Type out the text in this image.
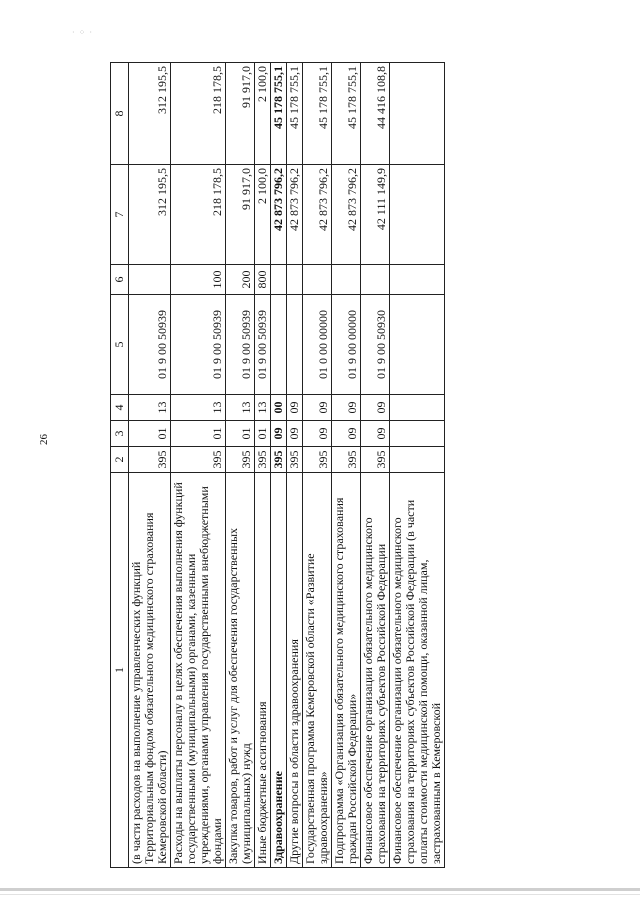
· ⁘ ·
26
1	2	3	4	5	6	7	8
(в части расходов на выполнение управленческих функций Территориальным фондом обязательного медицинского страхования Кемеровской области)	395	01	13	01 9 00 50939		312 195,5	312 195,5
Расходы на выплаты персоналу в целях обеспечения выполнения функций государственными (муниципальными) органами, казенными учреждениями, органами управления государственными внебюджетными фондами	395	01	13	01 9 00 50939	100	218 178,5	218 178,5
Закупка товаров, работ и услуг для обеспечения государственных (муниципальных) нужд	395	01	13	01 9 00 50939	200	91 917,0	91 917,0
Иные бюджетные ассигнования	395	01	13	01 9 00 50939	800	2 100,0	2 100,0
Здравоохранение	395	09	00			42 873 796,2	45 178 755,1
Другие вопросы в области здравоохранения	395	09	09			42 873 796,2	45 178 755,1
Государственная программа Кемеровской области «Развитие здравоохранения»	395	09	09	01 0 00 00000		42 873 796,2	45 178 755,1
Подпрограмма «Организация обязательного медицинского страхования граждан Российской Федерации»	395	09	09	01 9 00 00000		42 873 796,2	45 178 755,1
Финансовое обеспечение организации обязательного медицинского страхования на территориях субъектов Российской Федерации	395	09	09	01 9 00 50930		42 111 149,9	44 416 108,8
Финансовое обеспечение организации обязательного медицинского страхования на территориях субъектов Российской Федерации (в части оплаты стоимости медицинской помощи, оказанной лицам, застрахованным в Кемеровской							
